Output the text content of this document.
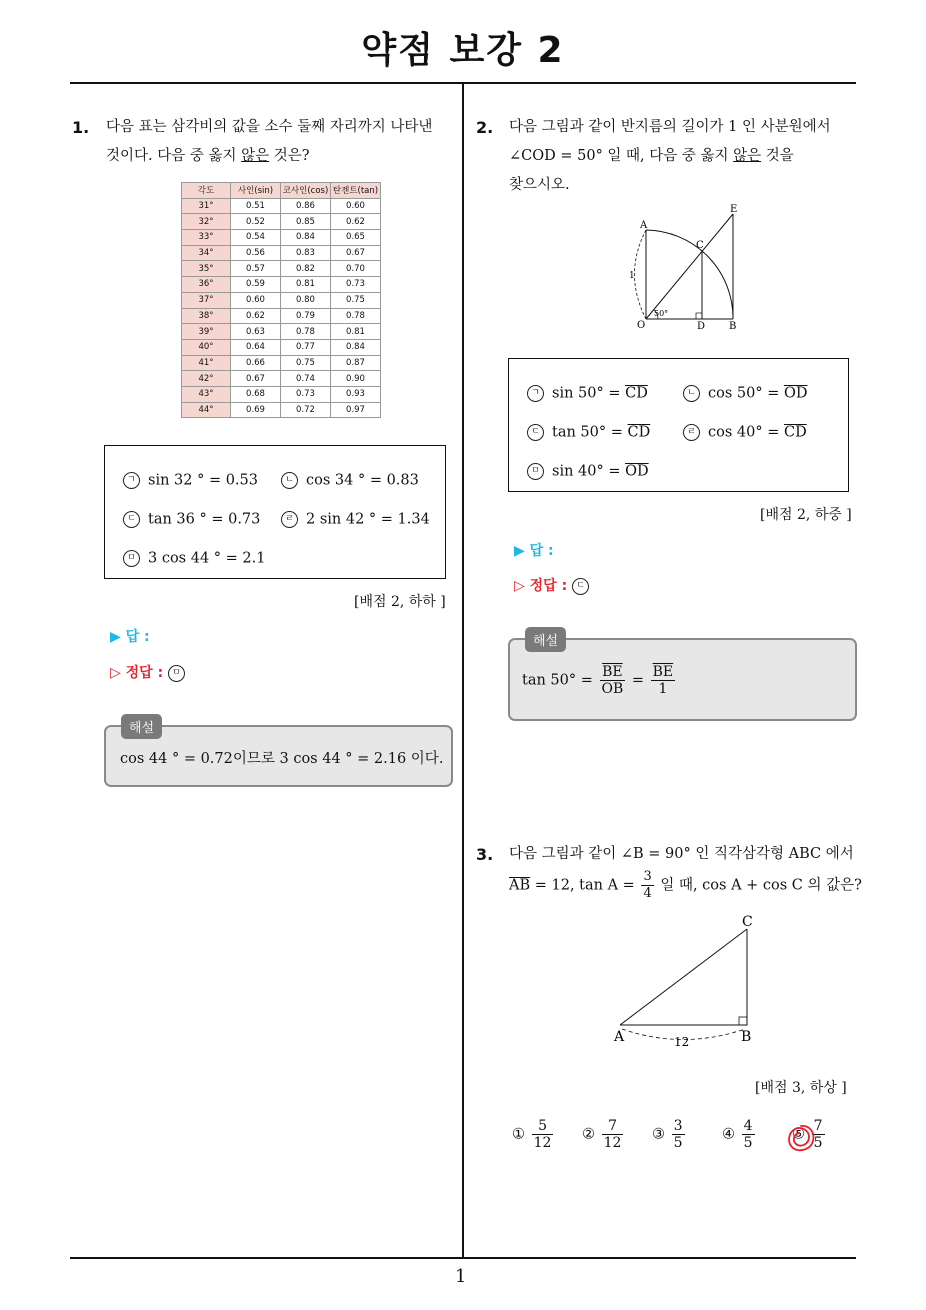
약점 보강 2
1
1. 다음 표는 삼각비의 값을 소수 둘째 자리까지 나타낸
것이다. 다음 중 옳지 않은 것은?
각도	사인(sin)	코사인(cos)	탄젠트(tan)
31°	0.51	0.86	0.60
32°	0.52	0.85	0.62
33°	0.54	0.84	0.65
34°	0.56	0.83	0.67
35°	0.57	0.82	0.70
36°	0.59	0.81	0.73
37°	0.60	0.80	0.75
38°	0.62	0.79	0.78
39°	0.63	0.78	0.81
40°	0.64	0.77	0.84
41°	0.66	0.75	0.87
42°	0.67	0.74	0.90
43°	0.68	0.73	0.93
44°	0.69	0.72	0.97
ㄱ sin 32 ° = 0.53	ㄴ cos 34 ° = 0.83
ㄷ tan 36 ° = 0.73	ㄹ 2 sin 42 ° = 1.34
ㅁ 3 cos 44 ° = 2.1
[배점 2, 하하 ]
▶ 답 :
▷ 정답 : ㅁ
cos 44 ° = 0.72이므로 3 cos 44 ° = 2.16 이다.
해설
2. 다음 그림과 같이 반지름의 길이가 1 인 사분원에서
∠COD = 50° 일 때, 다음 중 옳지 않은 것을
찾으시오.
A
C
E
O	D B
1
50°
ㄱ $\sin 50^\circ = \overline{CD}$	ㄴ $\cos 50^\circ = \overline{OD}$
ㄷ $\tan 50^\circ = \overline{CD}$	ㄹ $\cos 40^\circ = \overline{CD}$
ㅁ $\sin 40^\circ = \overline{OD}$
[배점 2, 하중 ]
▶ 답 :
▷ 정답 : ㄷ
$\tan 50^\circ = \frac{\overline{BE}}{OB} = \frac{\overline{BE}}{1}$
해설
3. 다음 그림과 같이 ∠B = 90° 인 직각삼각형 ABC 에서
$\overline{AB} = 12$, $\tan A = \frac{3}{4}$ 일 때, cos A + cos C 의 값은?
A	B
C
12
[배점 3, 하상 ]
① $\frac{5}{12}$ ② $\frac{7}{12}$ ③ $\frac{3}{5}$	④ $\frac{4}{5}$	⑤ $\frac{7}{5}$
